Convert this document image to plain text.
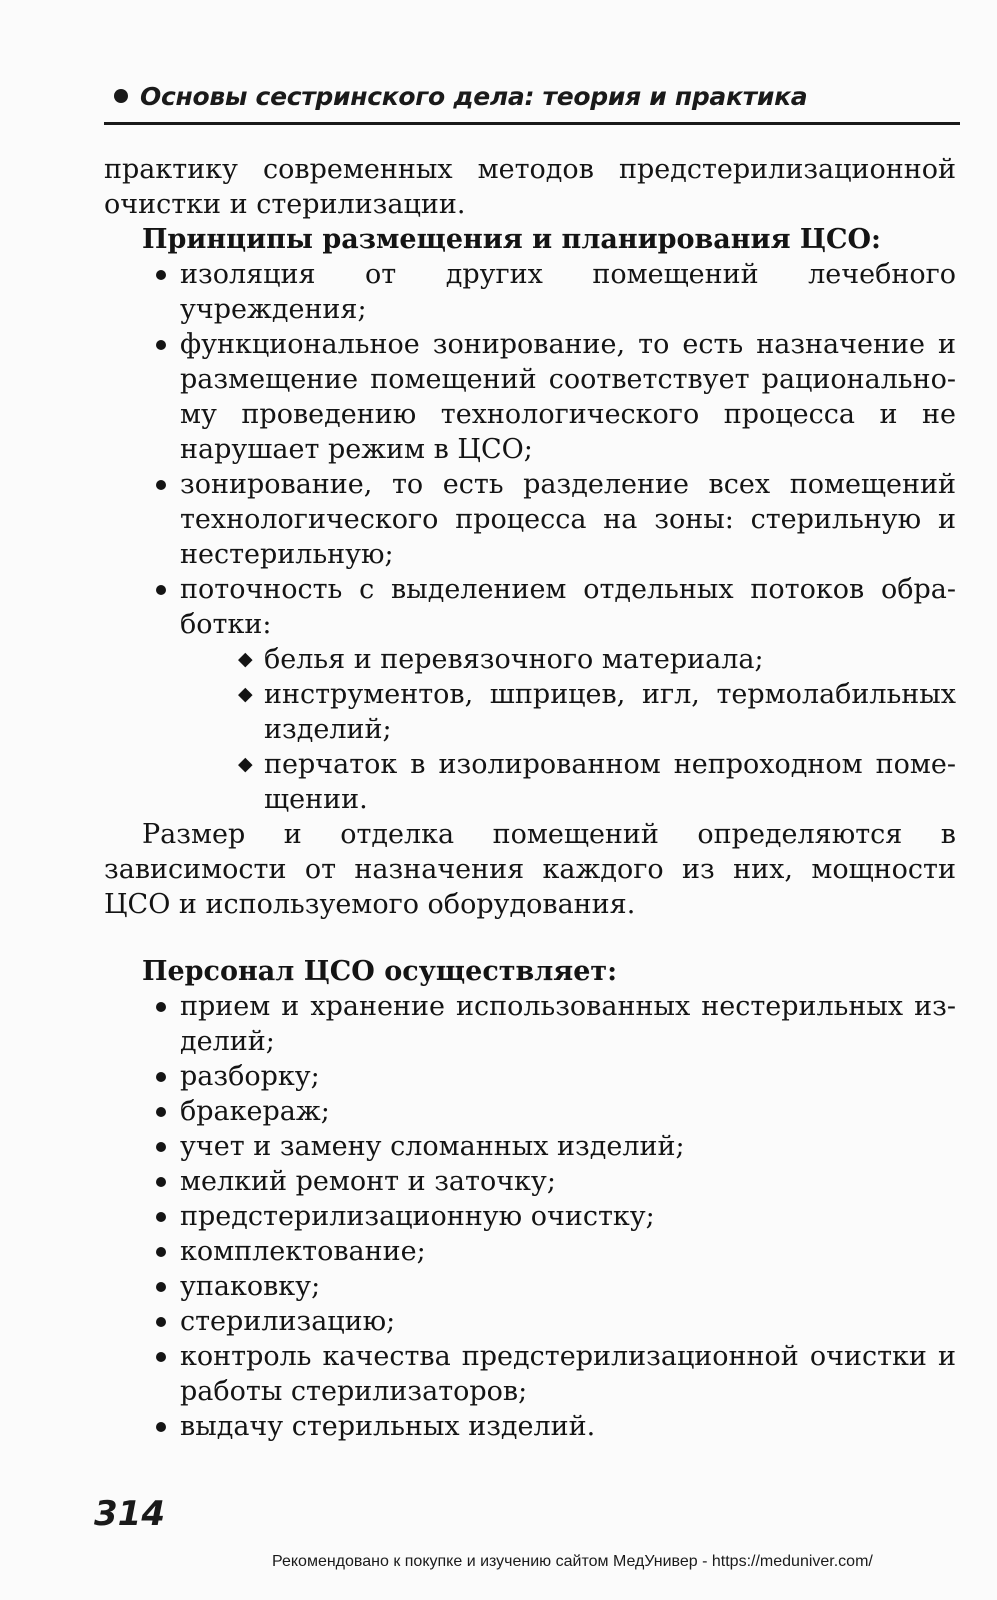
Основы сестринского дела: теория и практика

практику современных методов предстерилизационной очистки и стерилизации.

Принципы размещения и планирования ЦСО:

изоляция от других помещений лечебного учреждения;
функциональное зонирование, то есть назначение и размещение помещений соответствует рациональному проведению технологического процесса и не нарушает режим в ЦСО;
зонирование, то есть разделение всех помещений технологического процесса на зоны: стерильную и нестерильную;
поточность с выделением отдельных потоков обработки:
◆ белья и перевязочного материала;
◆ инструментов, шприцев, игл, термолабильных изделий;
◆ перчаток в изолированном непроходном помещении.

Размер и отделка помещений определяются в зависимости от назначения каждого из них, мощности ЦСО и используемого оборудования.

Персонал ЦСО осуществляет:

прием и хранение использованных нестерильных изделий;
разборку;
бракераж;
учет и замену сломанных изделий;
мелкий ремонт и заточку;
предстерилизационную очистку;
комплектование;
упаковку;
стерилизацию;
контроль качества предстерилизационной очистки и работы стерилизаторов;
выдачу стерильных изделий.
314
Рекомендовано к покупке и изучению сайтом МедУнивер - https://meduniver.com/
